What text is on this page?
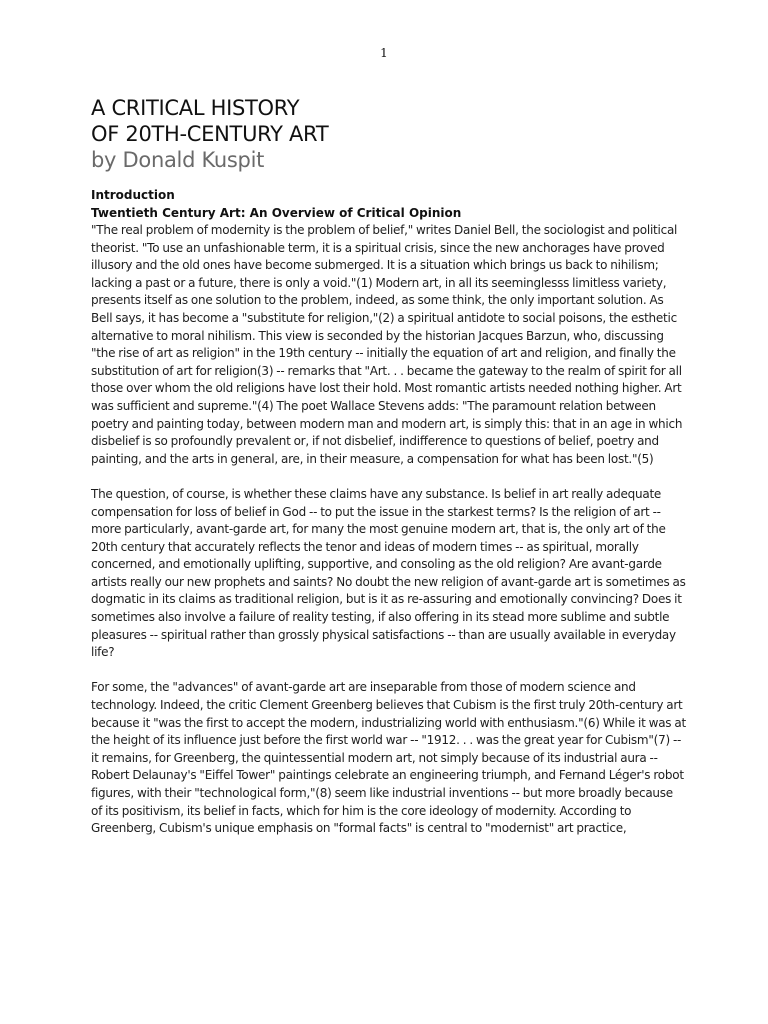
1
A CRITICAL HISTORY
OF 20TH-CENTURY ART
by Donald Kuspit
Introduction
Twentieth Century Art: An Overview of Critical Opinion

"The real problem of modernity is the problem of belief," writes Daniel Bell, the sociologist and political theorist. "To use an unfashionable term, it is a spiritual crisis, since the new anchorages have proved illusory and the old ones have become submerged. It is a situation which brings us back to nihilism; lacking a past or a future, there is only a void."(1) Modern art, in all its seeminglesss limitless variety, presents itself as one solution to the problem, indeed, as some think, the only important solution. As Bell says, it has become a "substitute for religion,"(2) a spiritual antidote to social poisons, the esthetic alternative to moral nihilism. This view is seconded by the historian Jacques Barzun, who, discussing "the rise of art as religion" in the 19th century -- initially the equation of art and religion, and finally the substitution of art for religion(3) -- remarks that "Art. . . became the gateway to the realm of spirit for all those over whom the old religions have lost their hold. Most romantic artists needed nothing higher. Art was sufficient and supreme."(4) The poet Wallace Stevens adds: "The paramount relation between poetry and painting today, between modern man and modern art, is simply this: that in an age in which disbelief is so profoundly prevalent or, if not disbelief, indifference to questions of belief, poetry and painting, and the arts in general, are, in their measure, a compensation for what has been lost."(5)

The question, of course, is whether these claims have any substance. Is belief in art really adequate compensation for loss of belief in God -- to put the issue in the starkest terms? Is the religion of art -- more particularly, avant-garde art, for many the most genuine modern art, that is, the only art of the 20th century that accurately reflects the tenor and ideas of modern times -- as spiritual, morally concerned, and emotionally uplifting, supportive, and consoling as the old religion? Are avant-garde artists really our new prophets and saints? No doubt the new religion of avant-garde art is sometimes as dogmatic in its claims as traditional religion, but is it as re-assuring and emotionally convincing? Does it sometimes also involve a failure of reality testing, if also offering in its stead more sublime and subtle pleasures -- spiritual rather than grossly physical satisfactions -- than are usually available in everyday life?

For some, the "advances" of avant-garde art are inseparable from those of modern science and technology. Indeed, the critic Clement Greenberg believes that Cubism is the first truly 20th-century art because it "was the first to accept the modern, industrializing world with enthusiasm."(6) While it was at the height of its influence just before the first world war -- "1912. . . was the great year for Cubism"(7) -- it remains, for Greenberg, the quintessential modern art, not simply because of its industrial aura -- Robert Delaunay's "Eiffel Tower" paintings celebrate an engineering triumph, and Fernand Léger's robot figures, with their "technological form,"(8) seem like industrial inventions -- but more broadly because of its positivism, its belief in facts, which for him is the core ideology of modernity. According to Greenberg, Cubism's unique emphasis on "formal facts" is central to "modernist" art practice,
